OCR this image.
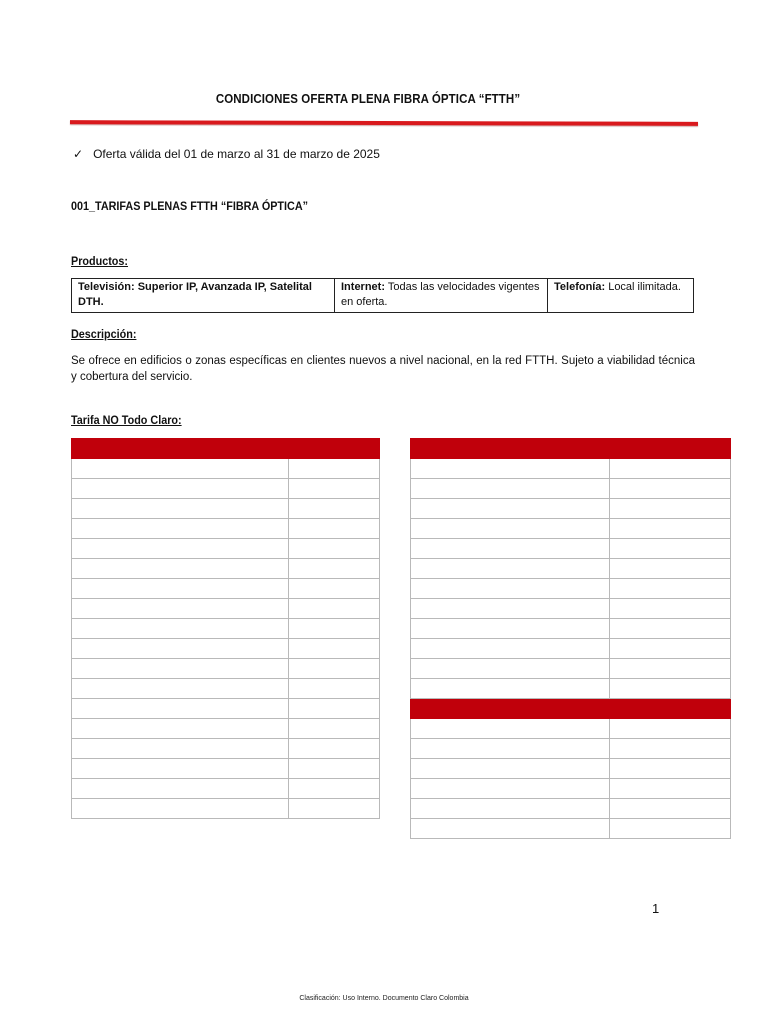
CONDICIONES OFERTA PLENA FIBRA ÓPTICA “FTTH”
✓ Oferta válida del 01 de marzo al 31 de marzo de 2025
001_TARIFAS PLENAS FTTH “FIBRA ÓPTICA”
Productos:
Televisión: Superior IP, Avanzada IP, Satelital DTH.	Internet: Todas las velocidades vigentes en oferta.	Telefonía: Local ilimitada.
Descripción:
Se ofrece en edificios o zonas específicas en clientes nuevos a nivel nacional, en la red FTTH. Sujeto a viabilidad técnica y cobertura del servicio.
Tarifa NO Todo Claro:

1
Clasificación: Uso Interno. Documento Claro Colombia
